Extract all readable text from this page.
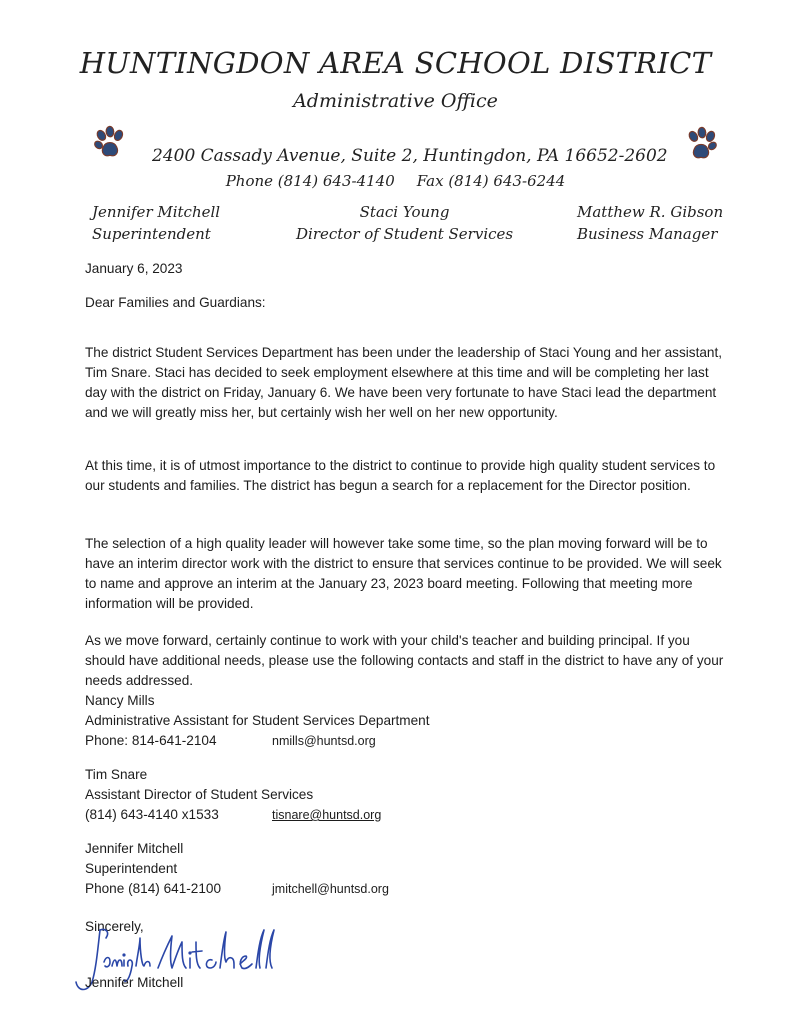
HUNTINGDON AREA SCHOOL DISTRICT
Administrative Office
2400 Cassady Avenue, Suite 2, Huntingdon, PA 16652-2602
Phone (814) 643-4140 Fax (814) 643-6244
Jennifer Mitchell
Superintendent
Staci Young
Director of Student Services
Matthew R. Gibson
Business Manager
January 6, 2023
Dear Families and Guardians:

The district Student Services Department has been under the leadership of Staci Young and her assistant, Tim Snare. Staci has decided to seek employment elsewhere at this time and will be completing her last day with the district on Friday, January 6. We have been very fortunate to have Staci lead the department and we will greatly miss her, but certainly wish her well on her new opportunity.

At this time, it is of utmost importance to the district to continue to provide high quality student services to our students and families. The district has begun a search for a replacement for the Director position.

The selection of a high quality leader will however take some time, so the plan moving forward will be to have an interim director work with the district to ensure that services continue to be provided. We will seek to name and approve an interim at the January 23, 2023 board meeting. Following that meeting more information will be provided.

As we move forward, certainly continue to work with your child's teacher and building principal. If you should have additional needs, please use the following contacts and staff in the district to have any of your needs addressed.

Nancy Mills
Administrative Assistant for Student Services Department
Phone: 814-641-2104	nmills@huntsd.org
Tim Snare
Assistant Director of Student Services
(814) 643-4140 x1533	tisnare@huntsd.org
Jennifer Mitchell
Superintendent
Phone (814) 641-2100	jmitchell@huntsd.org
Sincerely,
Jennifer Mitchell
